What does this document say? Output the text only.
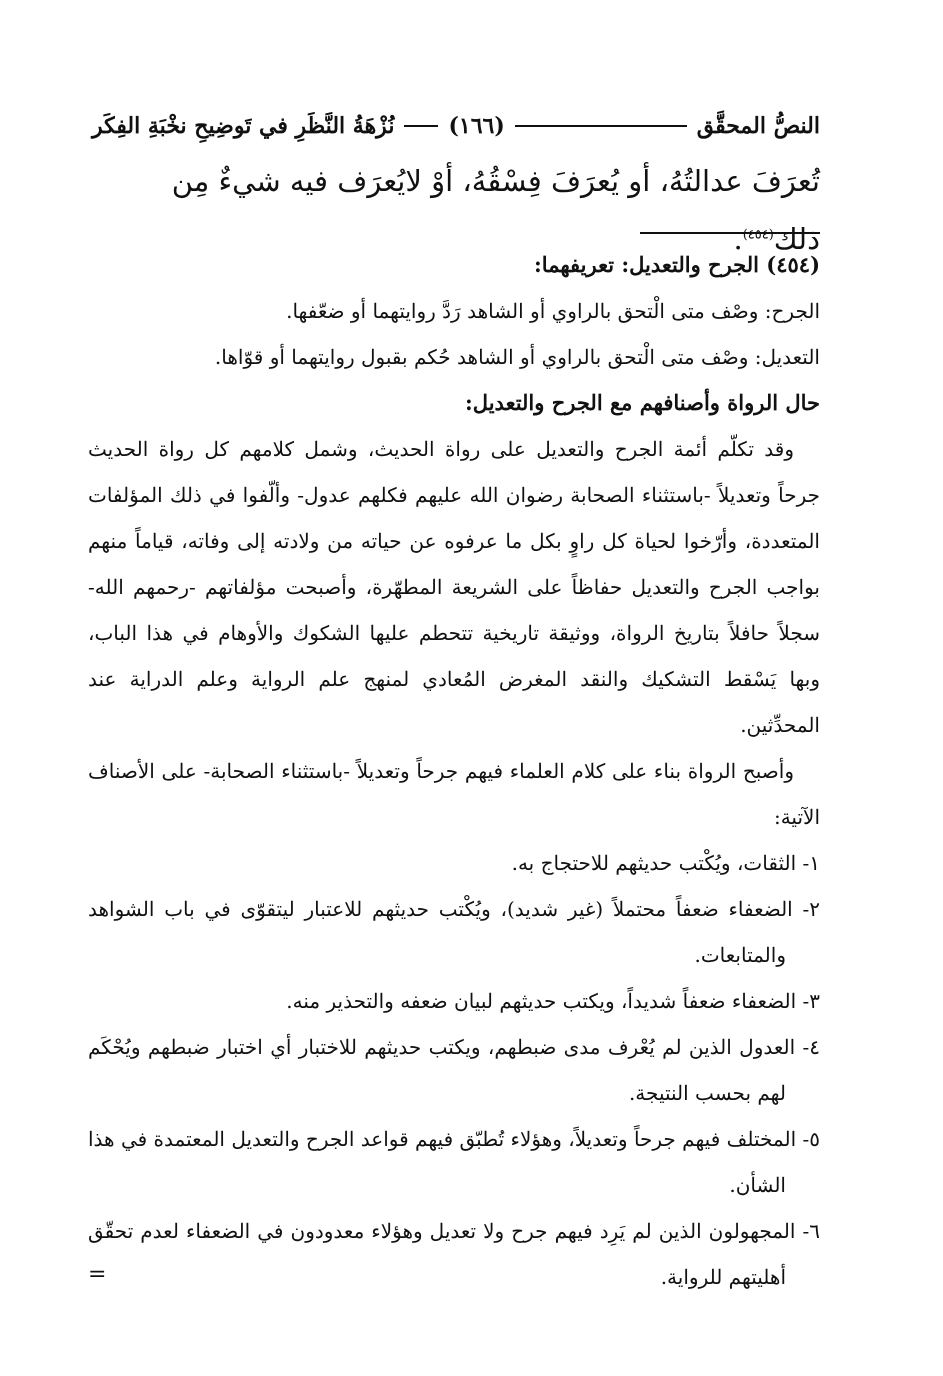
النصُّ المحقَّق
(١٦٦)
نُزْهَةُ النَّظَرِ في تَوضِيحِ نخْبَةِ الفِكَر
تُعرَفَ عدالتُهُ، أو يُعرَفَ فِسْقُهُ، أوْ لايُعرَف فيه شيءٌ مِن ذلك$^{(٤٥٤)}$.

(٤٥٤) الجرح والتعديل: تعريفهما:

الجرح: وصْف متى الْتحق بالراوي أو الشاهد رَدَّ روايتهما أو ضعّفها.

التعديل: وصْف متى الْتحق بالراوي أو الشاهد حُكم بقبول روايتهما أو قوّاها.

حال الرواة وأصنافهم مع الجرح والتعديل:

وقد تكلّم أئمة الجرح والتعديل على رواة الحديث، وشمل كلامهم كل رواة الحديث جرحاً وتعديلاً -باستثناء الصحابة رضوان الله عليهم فكلهم عدول- وألّفوا في ذلك المؤلفات المتعددة، وأرّخوا لحياة كل راوٍ بكل ما عرفوه عن حياته من ولادته إلى وفاته، قياماً منهم بواجب الجرح والتعديل حفاظاً على الشريعة المطهّرة، وأصبحت مؤلفاتهم -رحمهم الله- سجلاً حافلاً بتاريخ الرواة، ووثيقة تاريخية تتحطم عليها الشكوك والأوهام في هذا الباب، وبها يَسْقط التشكيك والنقد المغرض المُعادي لمنهج علم الرواية وعلم الدراية عند المحدِّثين.

وأصبح الرواة بناء على كلام العلماء فيهم جرحاً وتعديلاً -باستثناء الصحابة- على الأصناف الآتية:

١- الثقات، ويُكْتب حديثهم للاحتجاج به.

٢- الضعفاء ضعفاً محتملاً (غير شديد)، ويُكْتب حديثهم للاعتبار ليتقوّى في باب الشواهد والمتابعات.

٣- الضعفاء ضعفاً شديداً، ويكتب حديثهم لبيان ضعفه والتحذير منه.

٤- العدول الذين لم يُعْرف مدى ضبطهم، ويكتب حديثهم للاختبار أي اختبار ضبطهم ويُحْكَم لهم بحسب النتيجة.

٥- المختلف فيهم جرحاً وتعديلاً، وهؤلاء تُطبّق فيهم قواعد الجرح والتعديل المعتمدة في هذا الشأن.

٦- المجهولون الذين لم يَرِد فيهم جرح ولا تعديل وهؤلاء معدودون في الضعفاء لعدم تحقّق أهليتهم للرواية.

=
